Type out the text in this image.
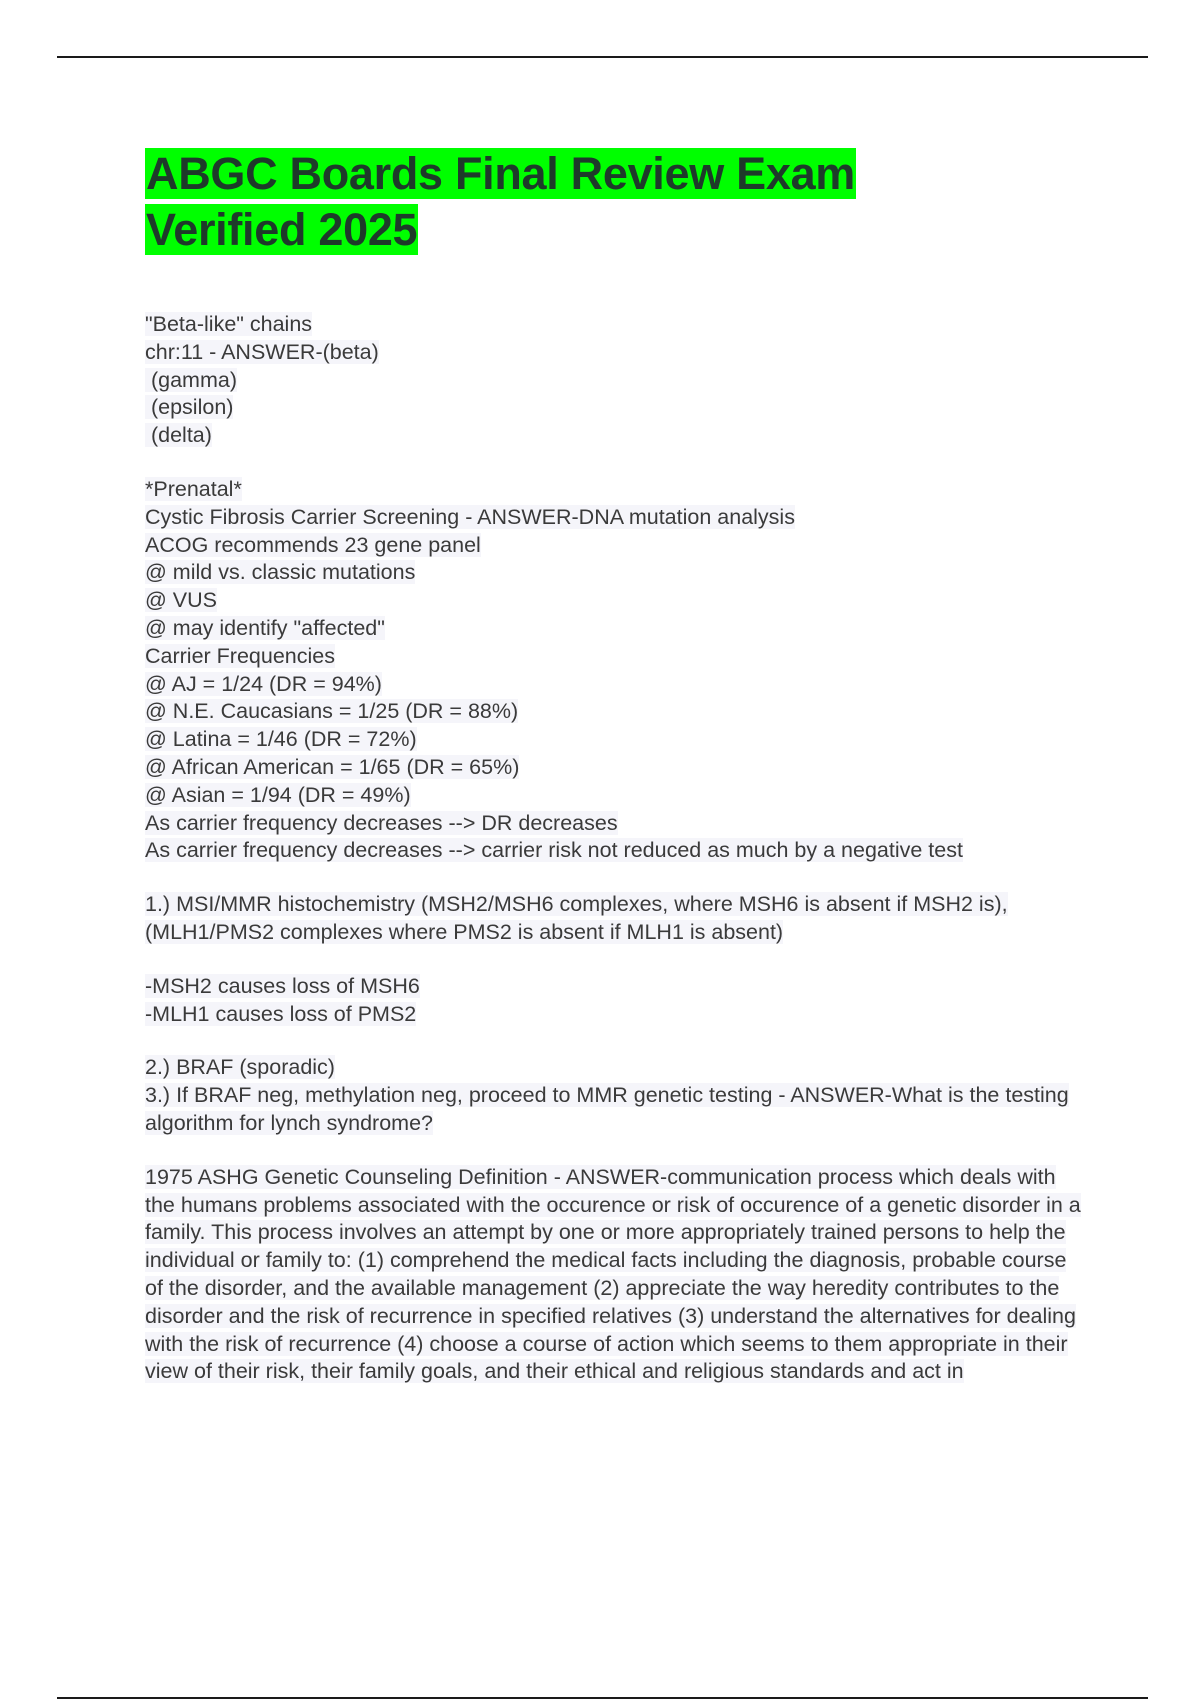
ABGC Boards Final Review Exam Verified 2025
"Beta-like" chains
chr:11 - ANSWER-(beta)
(gamma)
(epsilon)
(delta)
*Prenatal*
Cystic Fibrosis Carrier Screening - ANSWER-DNA mutation analysis
ACOG recommends 23 gene panel
@ mild vs. classic mutations
@ VUS
@ may identify "affected"
Carrier Frequencies
@ AJ = 1/24 (DR = 94%)
@ N.E. Caucasians = 1/25 (DR = 88%)
@ Latina = 1/46 (DR = 72%)
@ African American = 1/65 (DR = 65%)
@ Asian = 1/94 (DR = 49%)
As carrier frequency decreases --> DR decreases
As carrier frequency decreases --> carrier risk not reduced as much by a negative test

1.) MSI/MMR histochemistry (MSH2/MSH6 complexes, where MSH6 is absent if MSH2 is), (MLH1/PMS2 complexes where PMS2 is absent if MLH1 is absent)

-MSH2 causes loss of MSH6
-MLH1 causes loss of PMS2
2.) BRAF (sporadic)

3.) If BRAF neg, methylation neg, proceed to MMR genetic testing - ANSWER-What is the testing algorithm for lynch syndrome?

1975 ASHG Genetic Counseling Definition - ANSWER-communication process which deals with the humans problems associated with the occurence or risk of occurence of a genetic disorder in a family. This process involves an attempt by one or more appropriately trained persons to help the individual or family to: (1) comprehend the medical facts including the diagnosis, probable course of the disorder, and the available management (2) appreciate the way heredity contributes to the disorder and the risk of recurrence in specified relatives (3) understand the alternatives for dealing with the risk of recurrence (4) choose a course of action which seems to them appropriate in their view of their risk, their family goals, and their ethical and religious standards and act in
